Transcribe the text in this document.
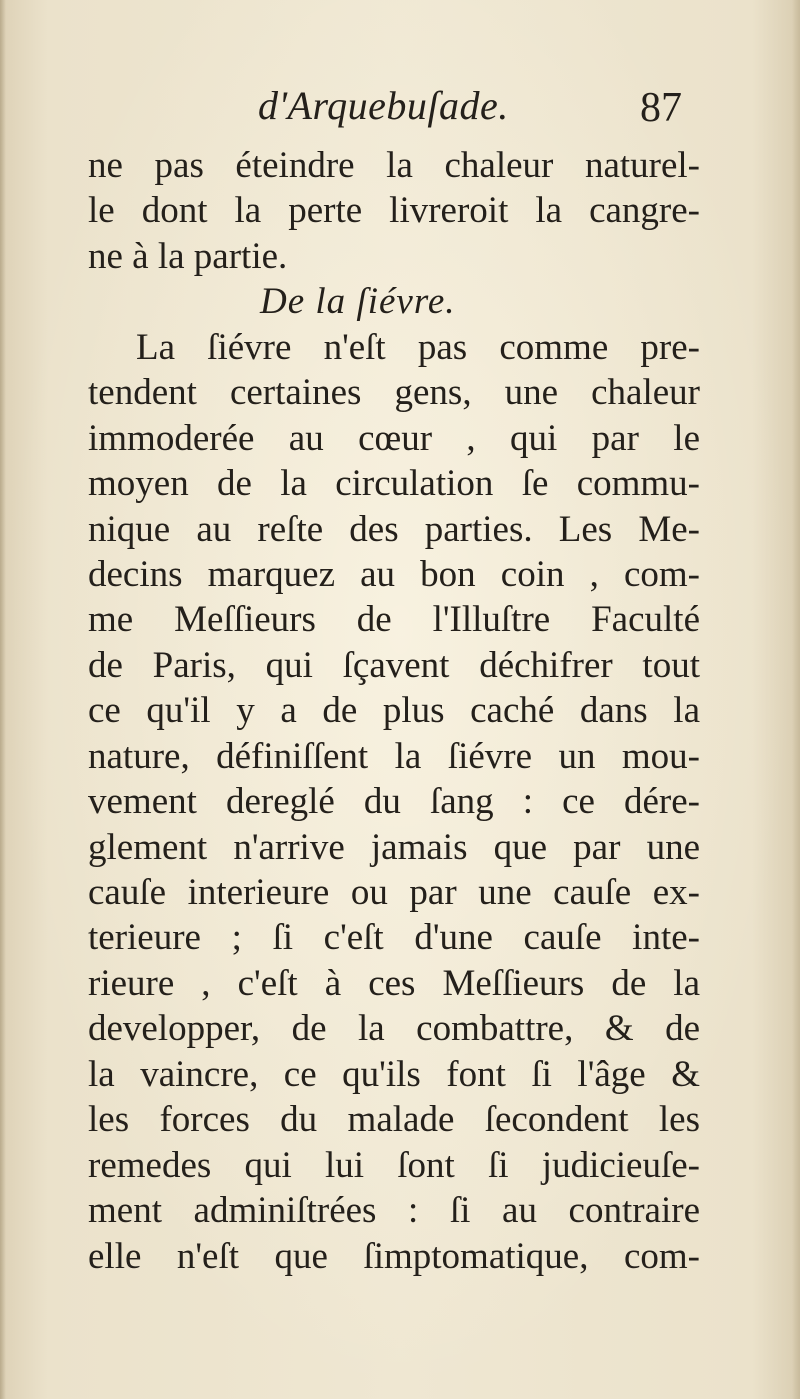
d'Arquebuſade.	87
ne pas éteindre la chaleur naturel-
le dont la perte livreroit la cangre-
ne à la partie.
De la ſiévre.
La ſiévre n'eſt pas comme pre-
tendent certaines gens, une chaleur
immoderée au cœur , qui par le
moyen de la circulation ſe commu-
nique au reſte des parties. Les Me-
decins marquez au bon coin , com-
me Meſſieurs de l'Illuſtre Faculté
de Paris, qui ſçavent déchifrer tout
ce qu'il y a de plus caché dans la
nature, définiſſent la ſiévre un mou-
vement dereglé du ſang : ce dére-
glement n'arrive jamais que par une
cauſe interieure ou par une cauſe ex-
terieure ; ſi c'eſt d'une cauſe inte-
rieure , c'eſt à ces Meſſieurs de la
developper, de la combattre, & de
la vaincre, ce qu'ils font ſi l'âge &
les forces du malade ſecondent les
remedes qui lui ſont ſi judicieuſe-
ment adminiſtrées : ſi au contraire
elle n'eſt que ſimptomatique, com-
